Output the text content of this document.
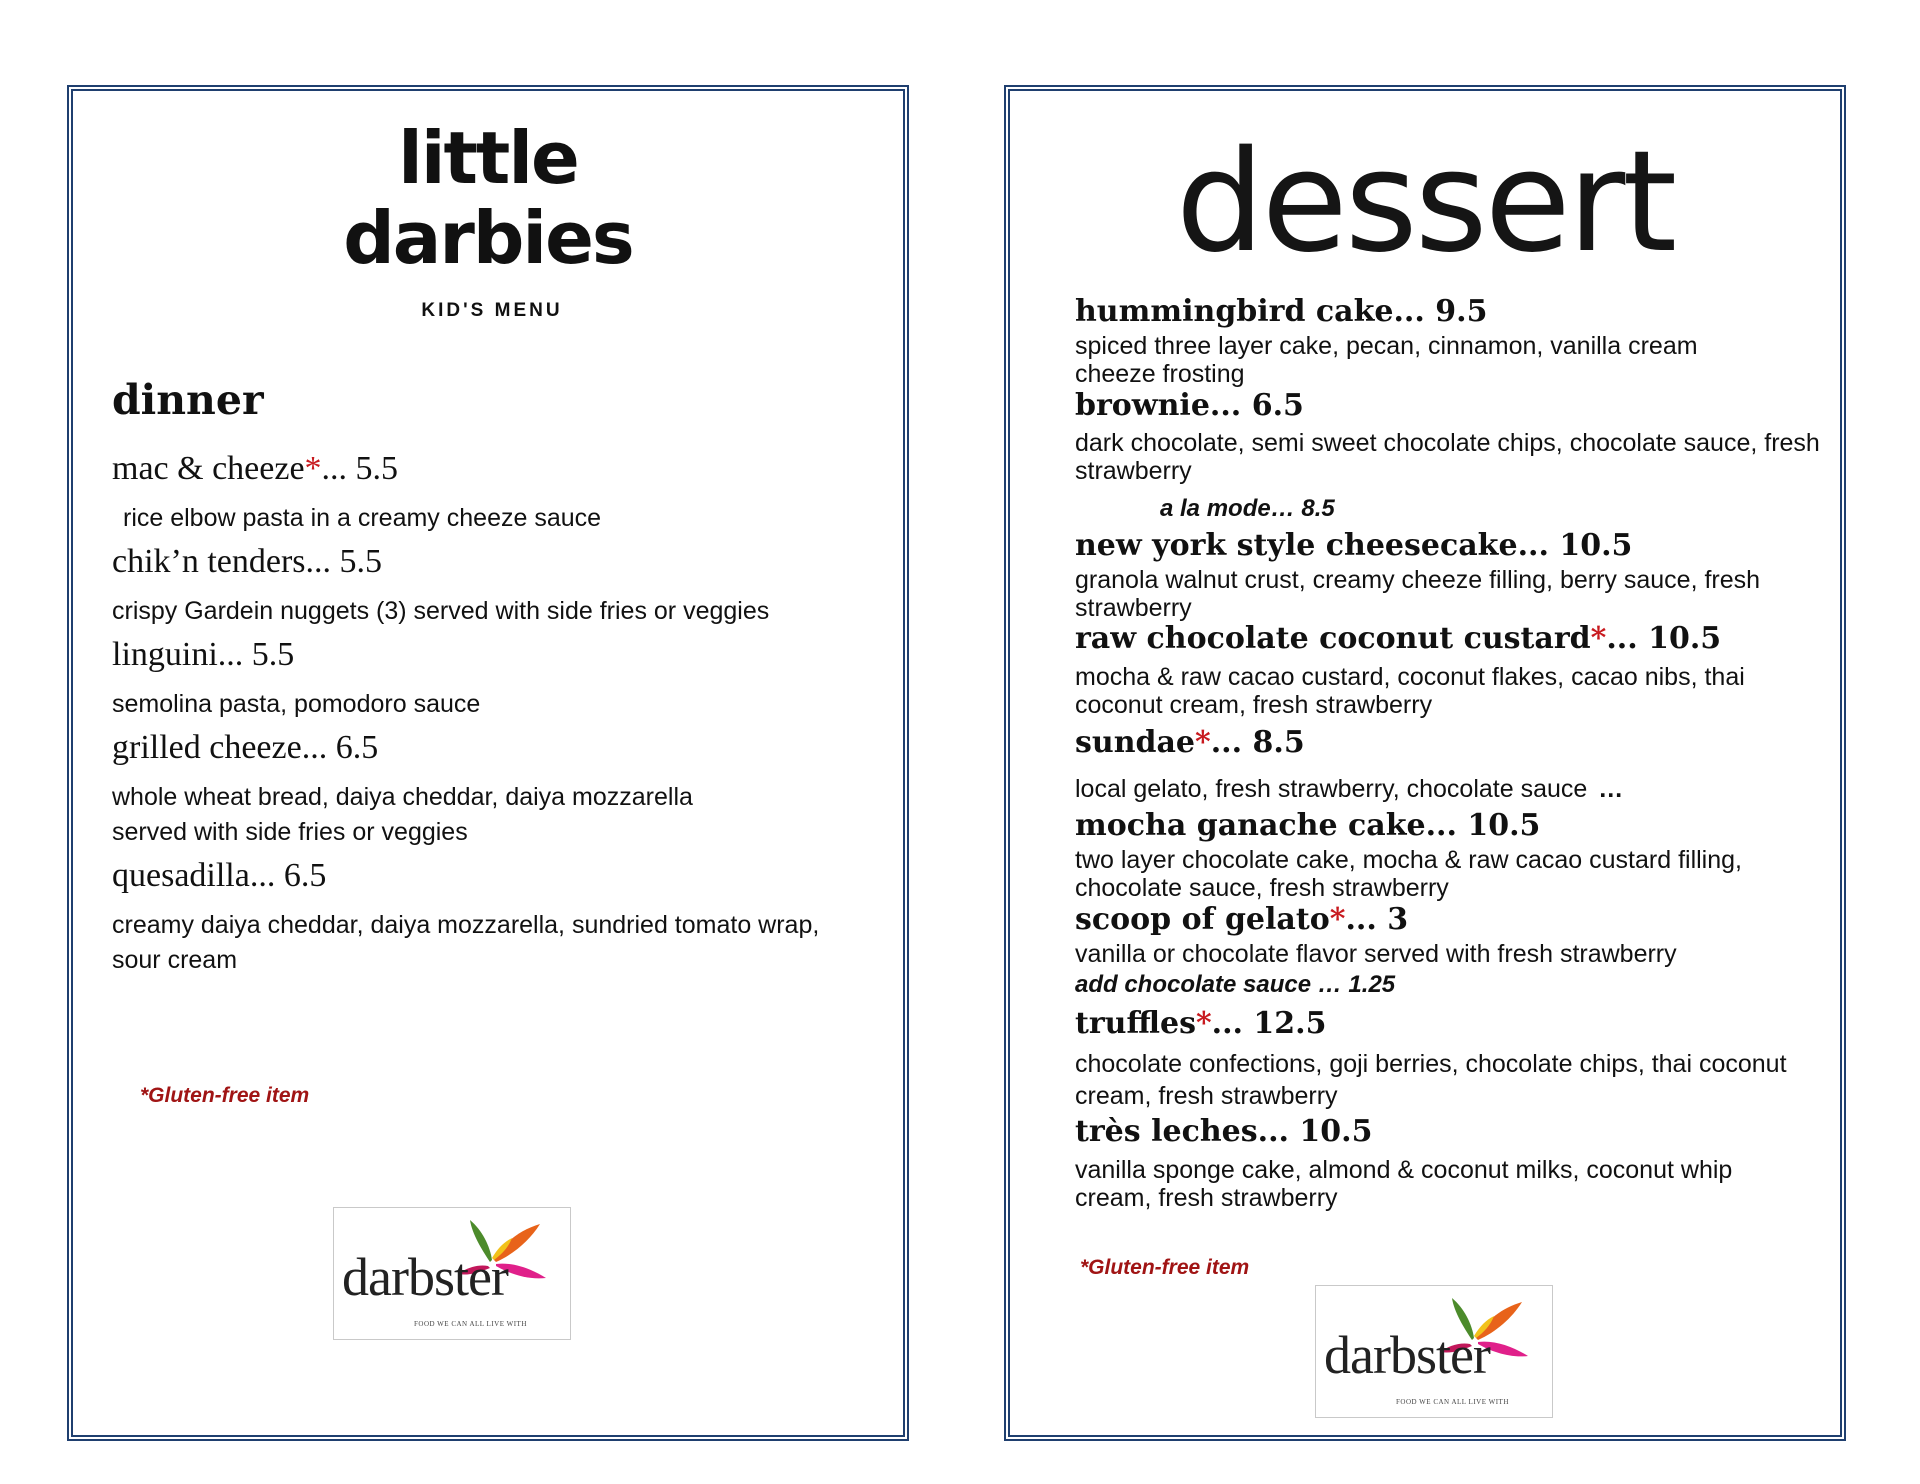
little
darbies
KID'S MENU
dinner
mac & cheeze*... 5.5
rice elbow pasta in a creamy cheeze sauce
chik’n tenders... 5.5
crispy Gardein nuggets (3) served with side fries or veggies
linguini... 5.5
semolina pasta, pomodoro sauce
grilled cheeze... 6.5
whole wheat bread, daiya cheddar, daiya mozzarella served with side fries or veggies
quesadilla... 6.5
creamy daiya cheddar, daiya mozzarella, sundried tomato wrap, sour cream
*Gluten-free item
darbster
FOOD WE CAN ALL LIVE WITH
dessert
hummingbird cake... 9.5
spiced three layer cake, pecan, cinnamon, vanilla cream cheeze frosting
brownie... 6.5
dark chocolate, semi sweet chocolate chips, chocolate sauce, fresh strawberry
a la mode… 8.5
new york style cheesecake... 10.5
granola walnut crust, creamy cheeze filling, berry sauce, fresh strawberry
raw chocolate coconut custard*... 10.5
mocha & raw cacao custard, coconut flakes, cacao nibs, thai coconut cream, fresh strawberry
sundae*... 8.5
local gelato, fresh strawberry, chocolate sauce …
mocha ganache cake... 10.5
two layer chocolate cake, mocha & raw cacao custard filling, chocolate sauce, fresh strawberry
scoop of gelato*... 3
vanilla or chocolate flavor served with fresh strawberry
add chocolate sauce … 1.25
truffles*... 12.5
chocolate confections, goji berries, chocolate chips, thai coconut cream, fresh strawberry
très leches... 10.5
vanilla sponge cake, almond & coconut milks, coconut whip cream, fresh strawberry
*Gluten-free item
darbster
FOOD WE CAN ALL LIVE WITH
